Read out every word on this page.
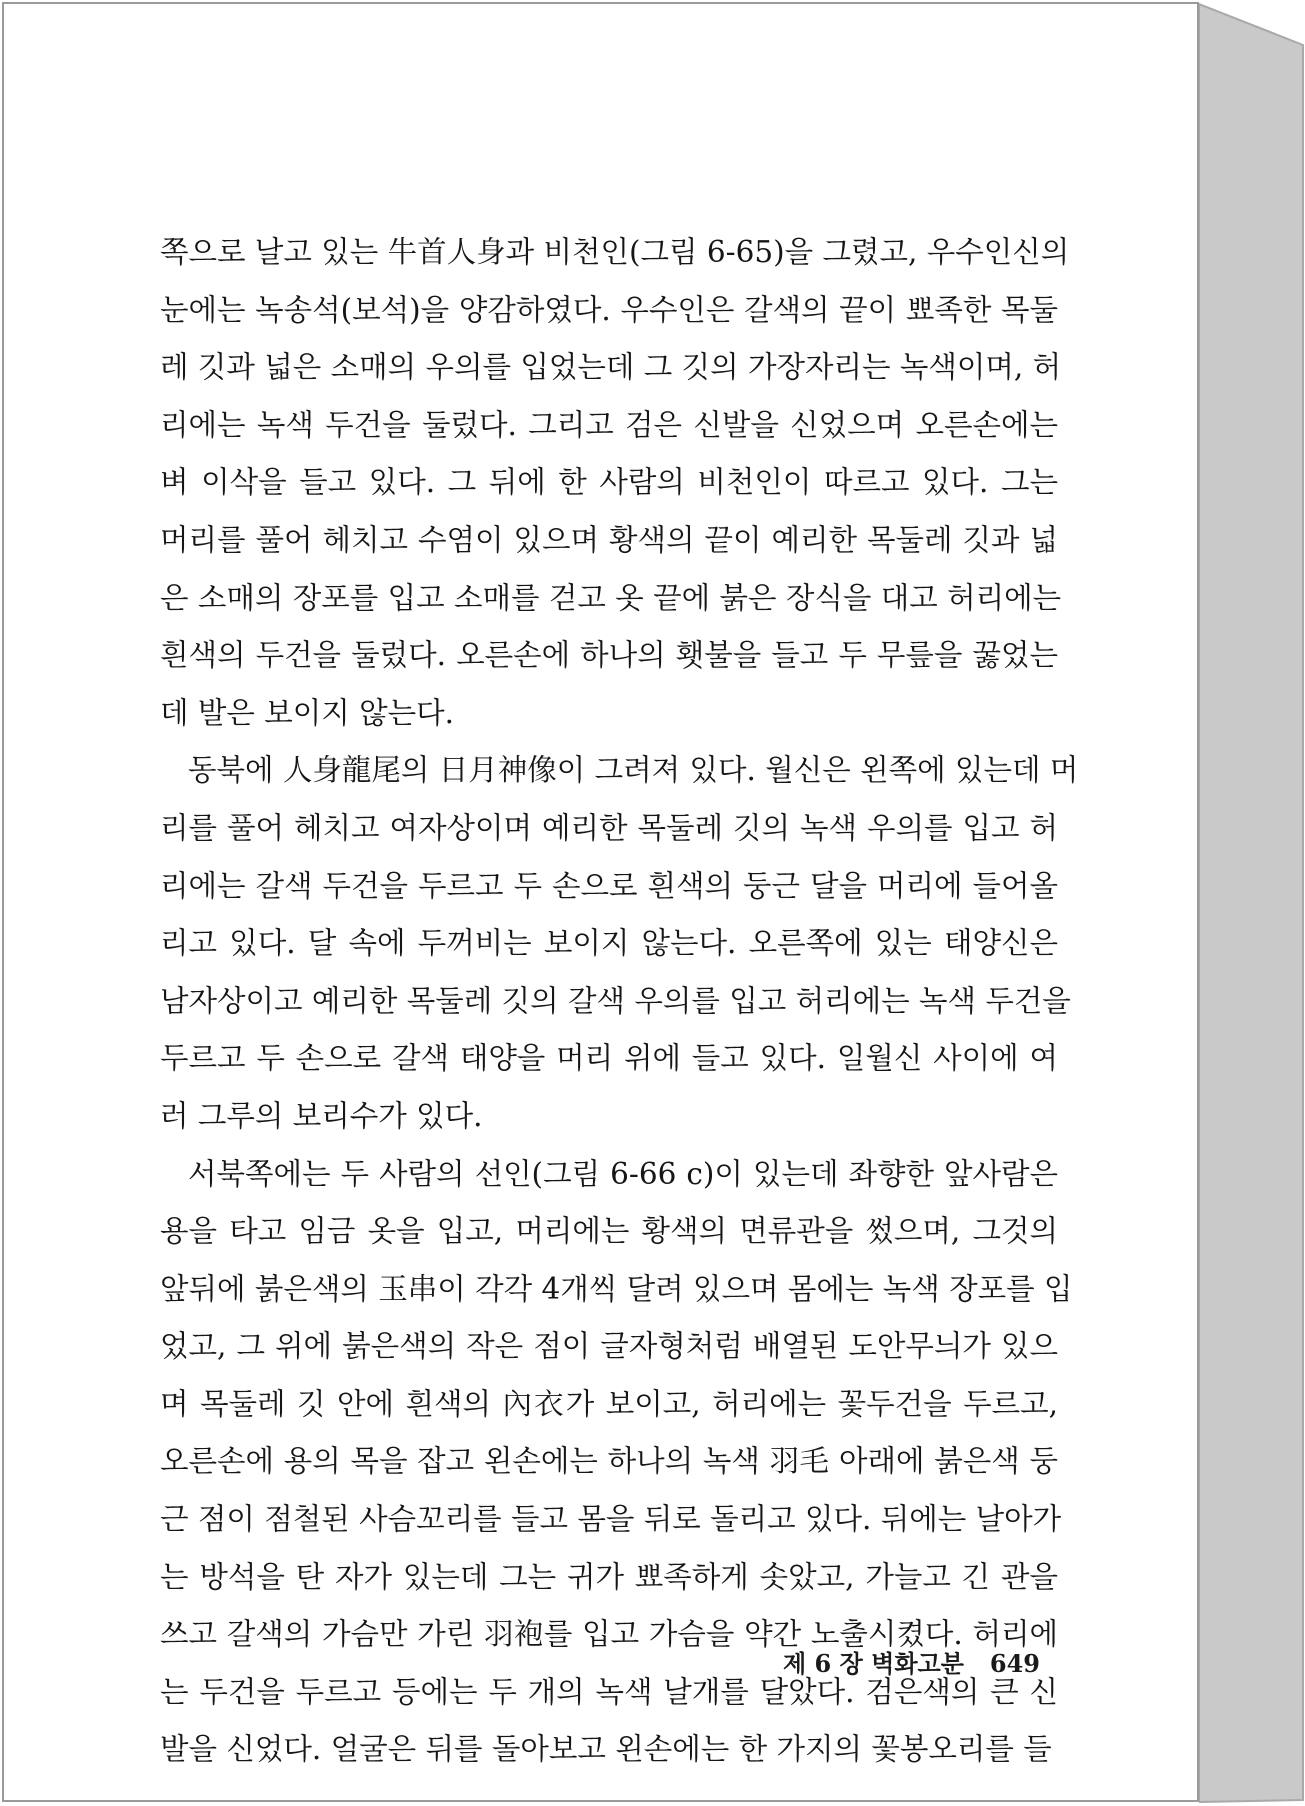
쪽으로 날고 있는 牛首人身과 비천인(그림 6-65)을 그렸고, 우수인신의
눈에는 녹송석(보석)을 양감하였다. 우수인은 갈색의 끝이 뾰족한 목둘
레 깃과 넓은 소매의 우의를 입었는데 그 깃의 가장자리는 녹색이며, 허
리에는 녹색 두건을 둘렀다. 그리고 검은 신발을 신었으며 오른손에는
벼 이삭을 들고 있다. 그 뒤에 한 사람의 비천인이 따르고 있다. 그는
머리를 풀어 헤치고 수염이 있으며 황색의 끝이 예리한 목둘레 깃과 넓
은 소매의 장포를 입고 소매를 걷고 옷 끝에 붉은 장식을 대고 허리에는
흰색의 두건을 둘렀다. 오른손에 하나의 횃불을 들고 두 무릎을 꿇었는
데 발은 보이지 않는다.
동북에 人身龍尾의 日月神像이 그려져 있다. 월신은 왼쪽에 있는데 머
리를 풀어 헤치고 여자상이며 예리한 목둘레 깃의 녹색 우의를 입고 허
리에는 갈색 두건을 두르고 두 손으로 흰색의 둥근 달을 머리에 들어올
리고 있다. 달 속에 두꺼비는 보이지 않는다. 오른쪽에 있는 태양신은
남자상이고 예리한 목둘레 깃의 갈색 우의를 입고 허리에는 녹색 두건을
두르고 두 손으로 갈색 태양을 머리 위에 들고 있다. 일월신 사이에 여
러 그루의 보리수가 있다.
서북쪽에는 두 사람의 선인(그림 6-66 c)이 있는데 좌향한 앞사람은
용을 타고 임금 옷을 입고, 머리에는 황색의 면류관을 썼으며, 그것의
앞뒤에 붉은색의 玉串이 각각 4개씩 달려 있으며 몸에는 녹색 장포를 입
었고, 그 위에 붉은색의 작은 점이 글자형처럼 배열된 도안무늬가 있으
며 목둘레 깃 안에 흰색의 內衣가 보이고, 허리에는 꽃두건을 두르고,
오른손에 용의 목을 잡고 왼손에는 하나의 녹색 羽毛 아래에 붉은색 둥
근 점이 점철된 사슴꼬리를 들고 몸을 뒤로 돌리고 있다. 뒤에는 날아가
는 방석을 탄 자가 있는데 그는 귀가 뾰족하게 솟았고, 가늘고 긴 관을
쓰고 갈색의 가슴만 가린 羽袍를 입고 가슴을 약간 노출시켰다. 허리에
는 두건을 두르고 등에는 두 개의 녹색 날개를 달았다. 검은색의 큰 신
발을 신었다. 얼굴은 뒤를 돌아보고 왼손에는 한 가지의 꽃봉오리를 들
제 6 장 벽화고분 649
